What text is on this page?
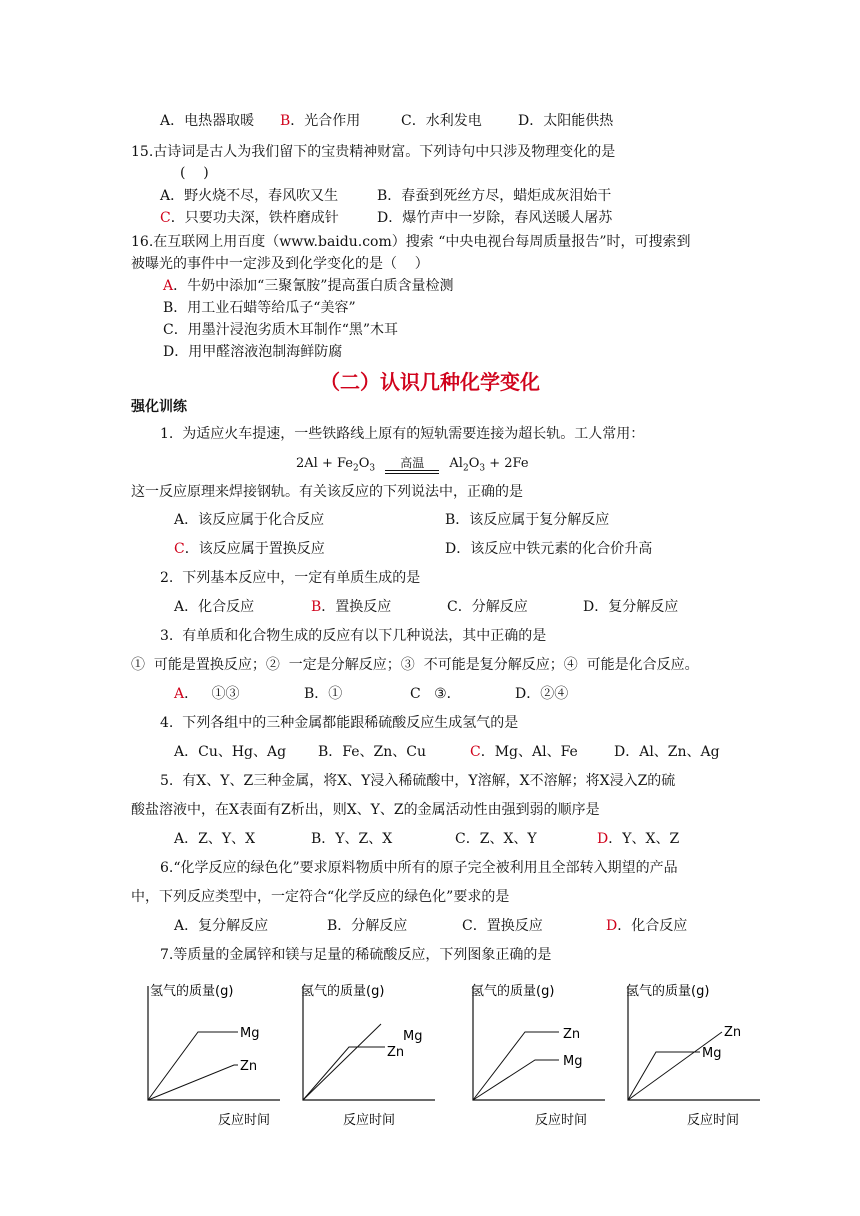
A．电热器取暖 B．光合作用	C．水利发电	D．太阳能供热
15.古诗词是古人为我们留下的宝贵精神财富。下列诗句中只涉及物理变化的是
(    )
A．野火烧不尽，春风吹又生	B．春蚕到死丝方尽，蜡炬成灰泪始干
C．只要功夫深，铁杵磨成针	D．爆竹声中一岁除，春风送暖人屠苏
16.在互联网上用百度（www.baidu.com）搜索 “中央电视台每周质量报告”时，可搜索到
被曝光的事件中一定涉及到化学变化的是（    ）
A．牛奶中添加“三聚氰胺”提高蛋白质含量检测
B．用工业石蜡等给瓜子“美容”
C．用墨汁浸泡劣质木耳制作“黑”木耳
D．用甲醛溶液泡制海鲜防腐
（二）认识几种化学变化
强化训练
1.  为适应火车提速，一些铁路线上原有的短轨需要连接为超长轨。工人常用：
$2Al + Fe_2O_3$ 高温 $Al_2O_3 + 2Fe$
这一反应原理来焊接钢轨。有关该反应的下列说法中，正确的是
A．该反应属于化合反应	B．该反应属于复分解反应
C．该反应属于置换反应	D．该反应中铁元素的化合价升高
2.  下列基本反应中，一定有单质生成的是
A．化合反应	B．置换反应	C．分解反应	D．复分解反应
3.  有单质和化合物生成的反应有以下几种说法，其中正确的是
①  可能是置换反应；②  一定是分解反应；③  不可能是复分解反应；④  可能是化合反应。
A．   ①③	B．①	C   ③．	D．②④
4.  下列各组中的三种金属都能跟稀硫酸反应生成氢气的是
A．Cu、Hg、Ag B．Fe、Zn、Cu	C．Mg、Al、Fe	D．Al、Zn、Ag
5.  有X、Y、Z三种金属，将X、Y浸入稀硫酸中，Y溶解，X不溶解；将X浸入Z的硫
酸盐溶液中，在X表面有Z析出，则X、Y、Z的金属活动性由强到弱的顺序是
A．Z、Y、X	B．Y、Z、X	C．Z、X、Y	D．Y、X、Z
6.“化学反应的绿色化”要求原料物质中所有的原子完全被利用且全部转入期望的产品
中，下列反应类型中，一定符合“化学反应的绿色化”要求的是
A．复分解反应	B．分解反应	C．置换反应	D．化合反应
7.等质量的金属锌和镁与足量的稀硫酸反应，下列图象正确的是
氢气的质量(g)
反应时间
Mg
Zn
氢气的质量(g)
反应时间
Mg
Zn
氢气的质量(g)
反应时间
Zn
Mg
氢气的质量(g)
反应时间
Zn
Mg
